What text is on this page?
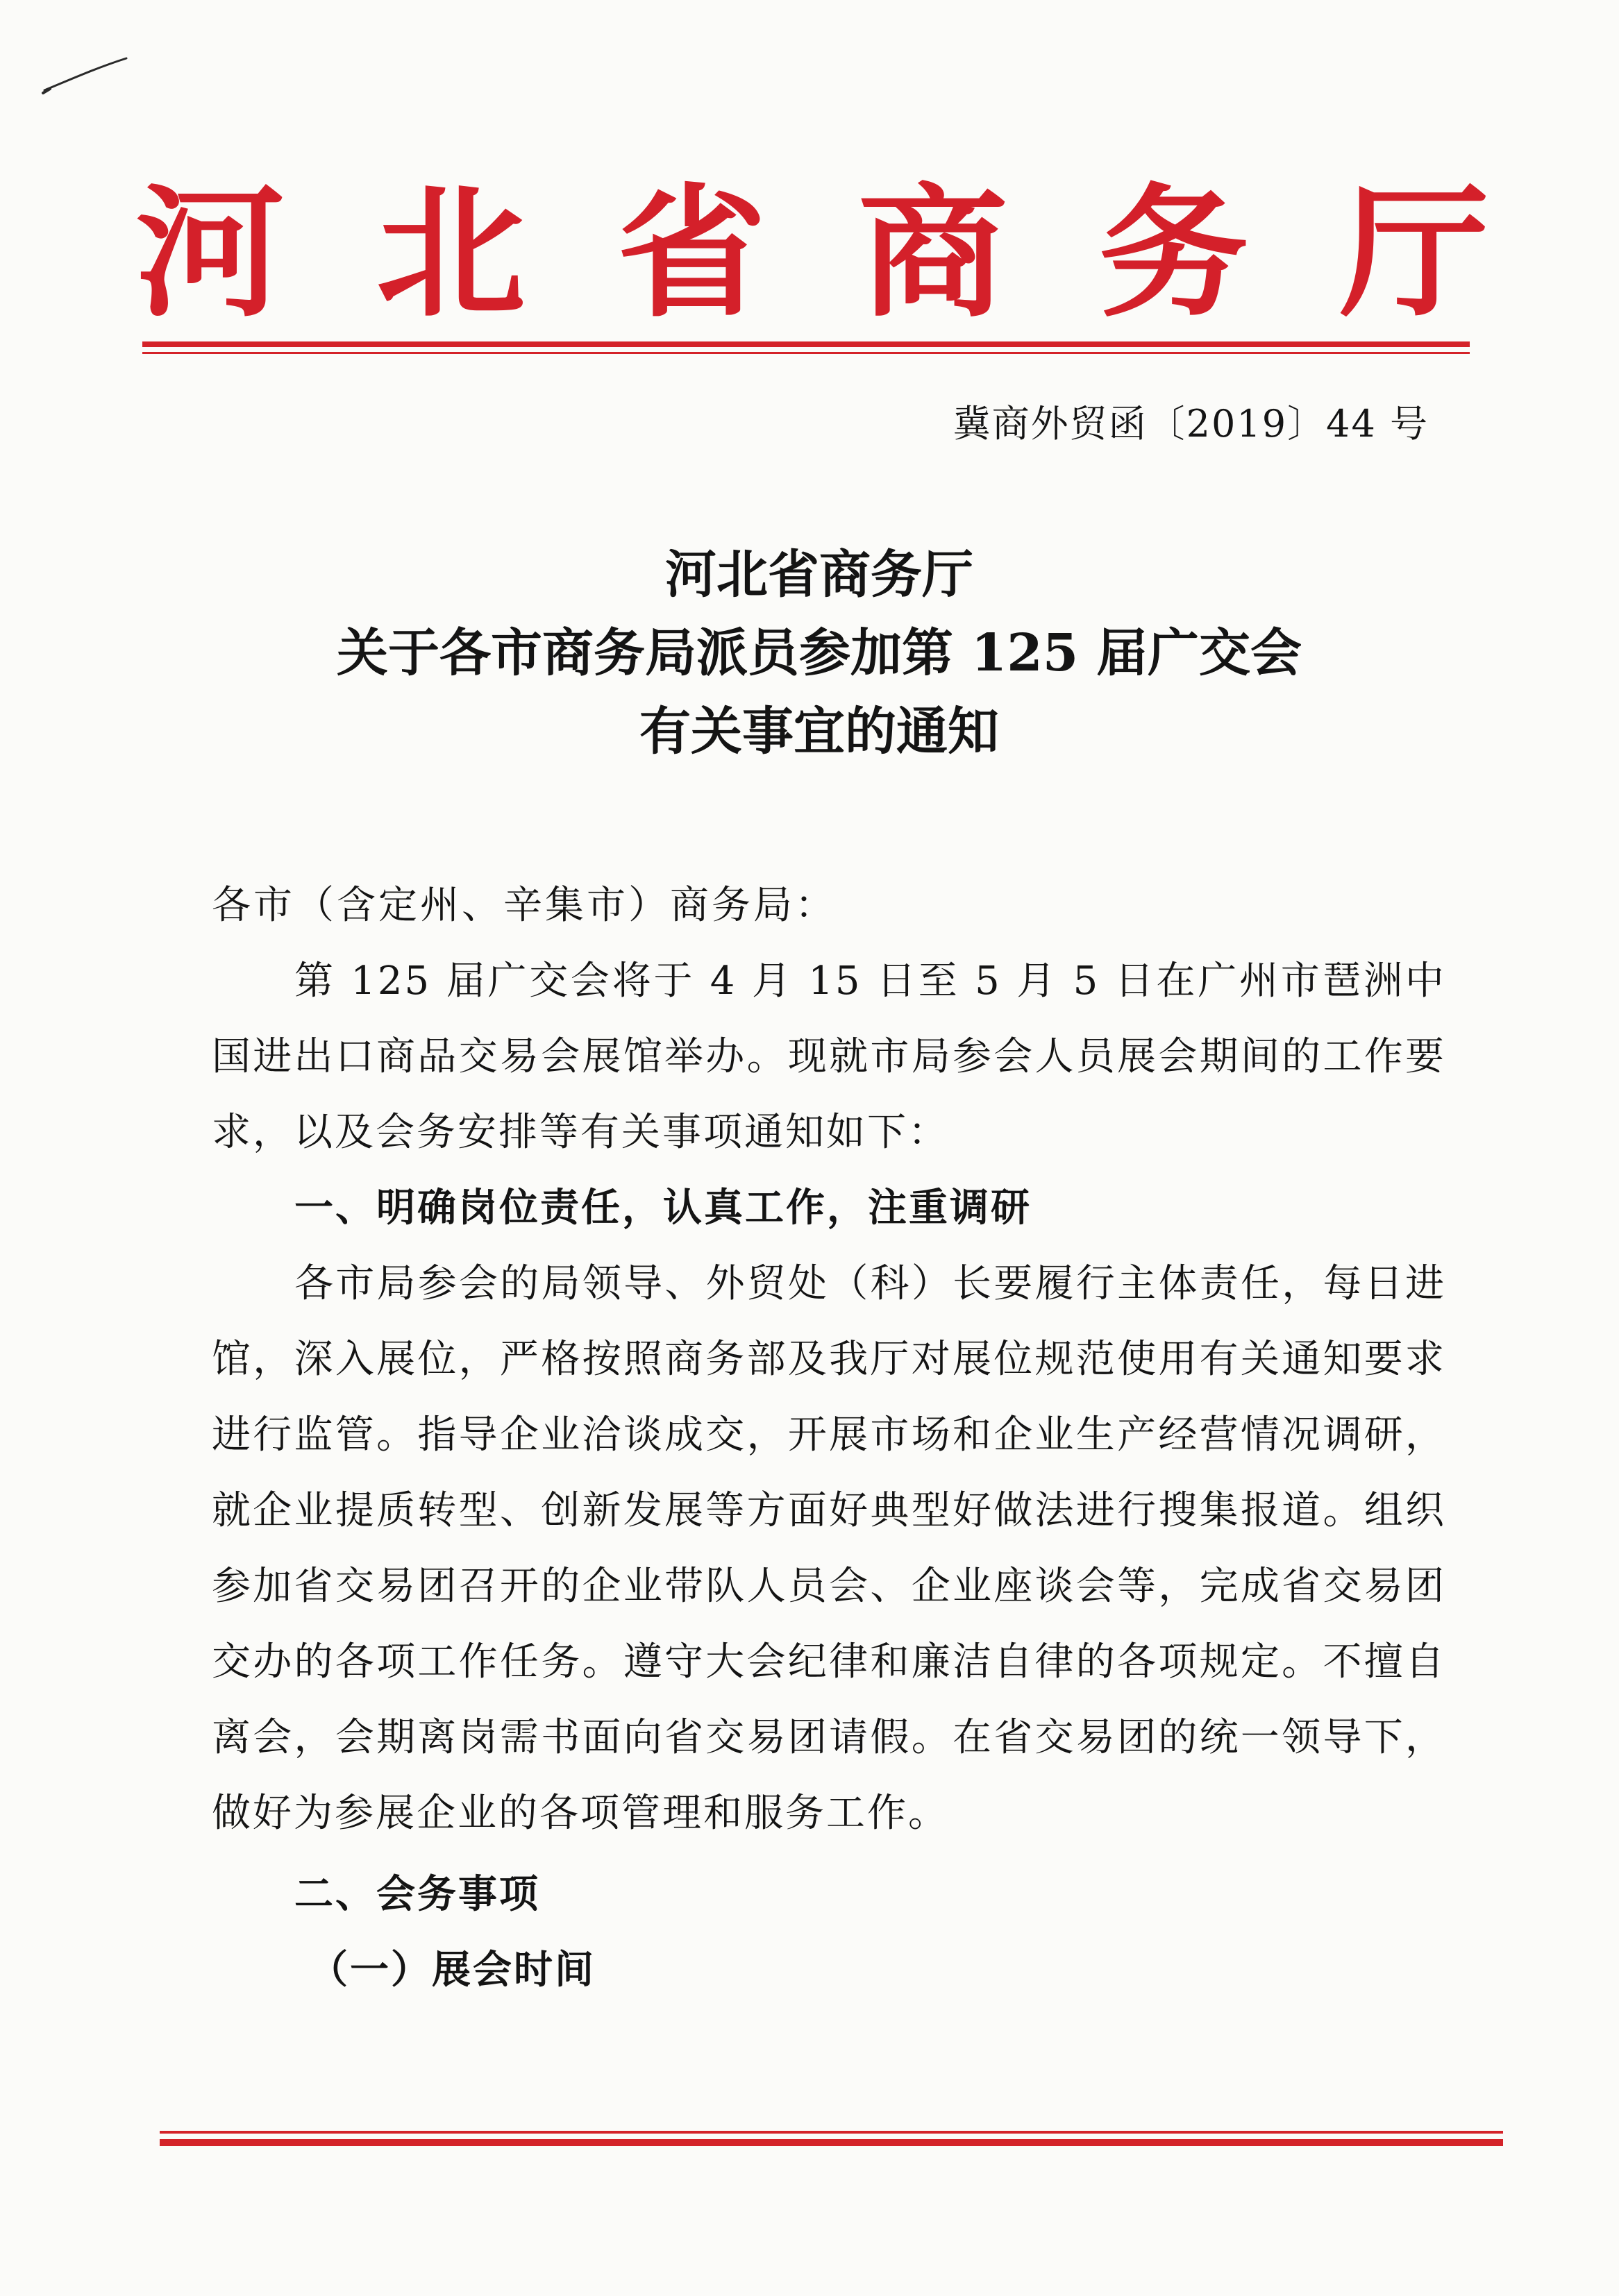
河 北 省 商 务 厅
冀商外贸函〔2019〕44 号
河北省商务厅
关于各市商务局派员参加第 125 届广交会
有关事宜的通知

各市（含定州、辛集市）商务局：

第 125 届广交会将于 4 月 15 日至 5 月 5 日在广州市琶洲中国进出口商品交易会展馆举办。现就市局参会人员展会期间的工作要求，以及会务安排等有关事项通知如下：

一、明确岗位责任，认真工作，注重调研

各市局参会的局领导、外贸处（科）长要履行主体责任，每日进馆，深入展位，严格按照商务部及我厅对展位规范使用有关通知要求进行监管。指导企业洽谈成交，开展市场和企业生产经营情况调研，就企业提质转型、创新发展等方面好典型好做法进行搜集报道。组织参加省交易团召开的企业带队人员会、企业座谈会等，完成省交易团交办的各项工作任务。遵守大会纪律和廉洁自律的各项规定。不擅自离会，会期离岗需书面向省交易团请假。在省交易团的统一领导下，做好为参展企业的各项管理和服务工作。

二、会务事项

（一）展会时间
